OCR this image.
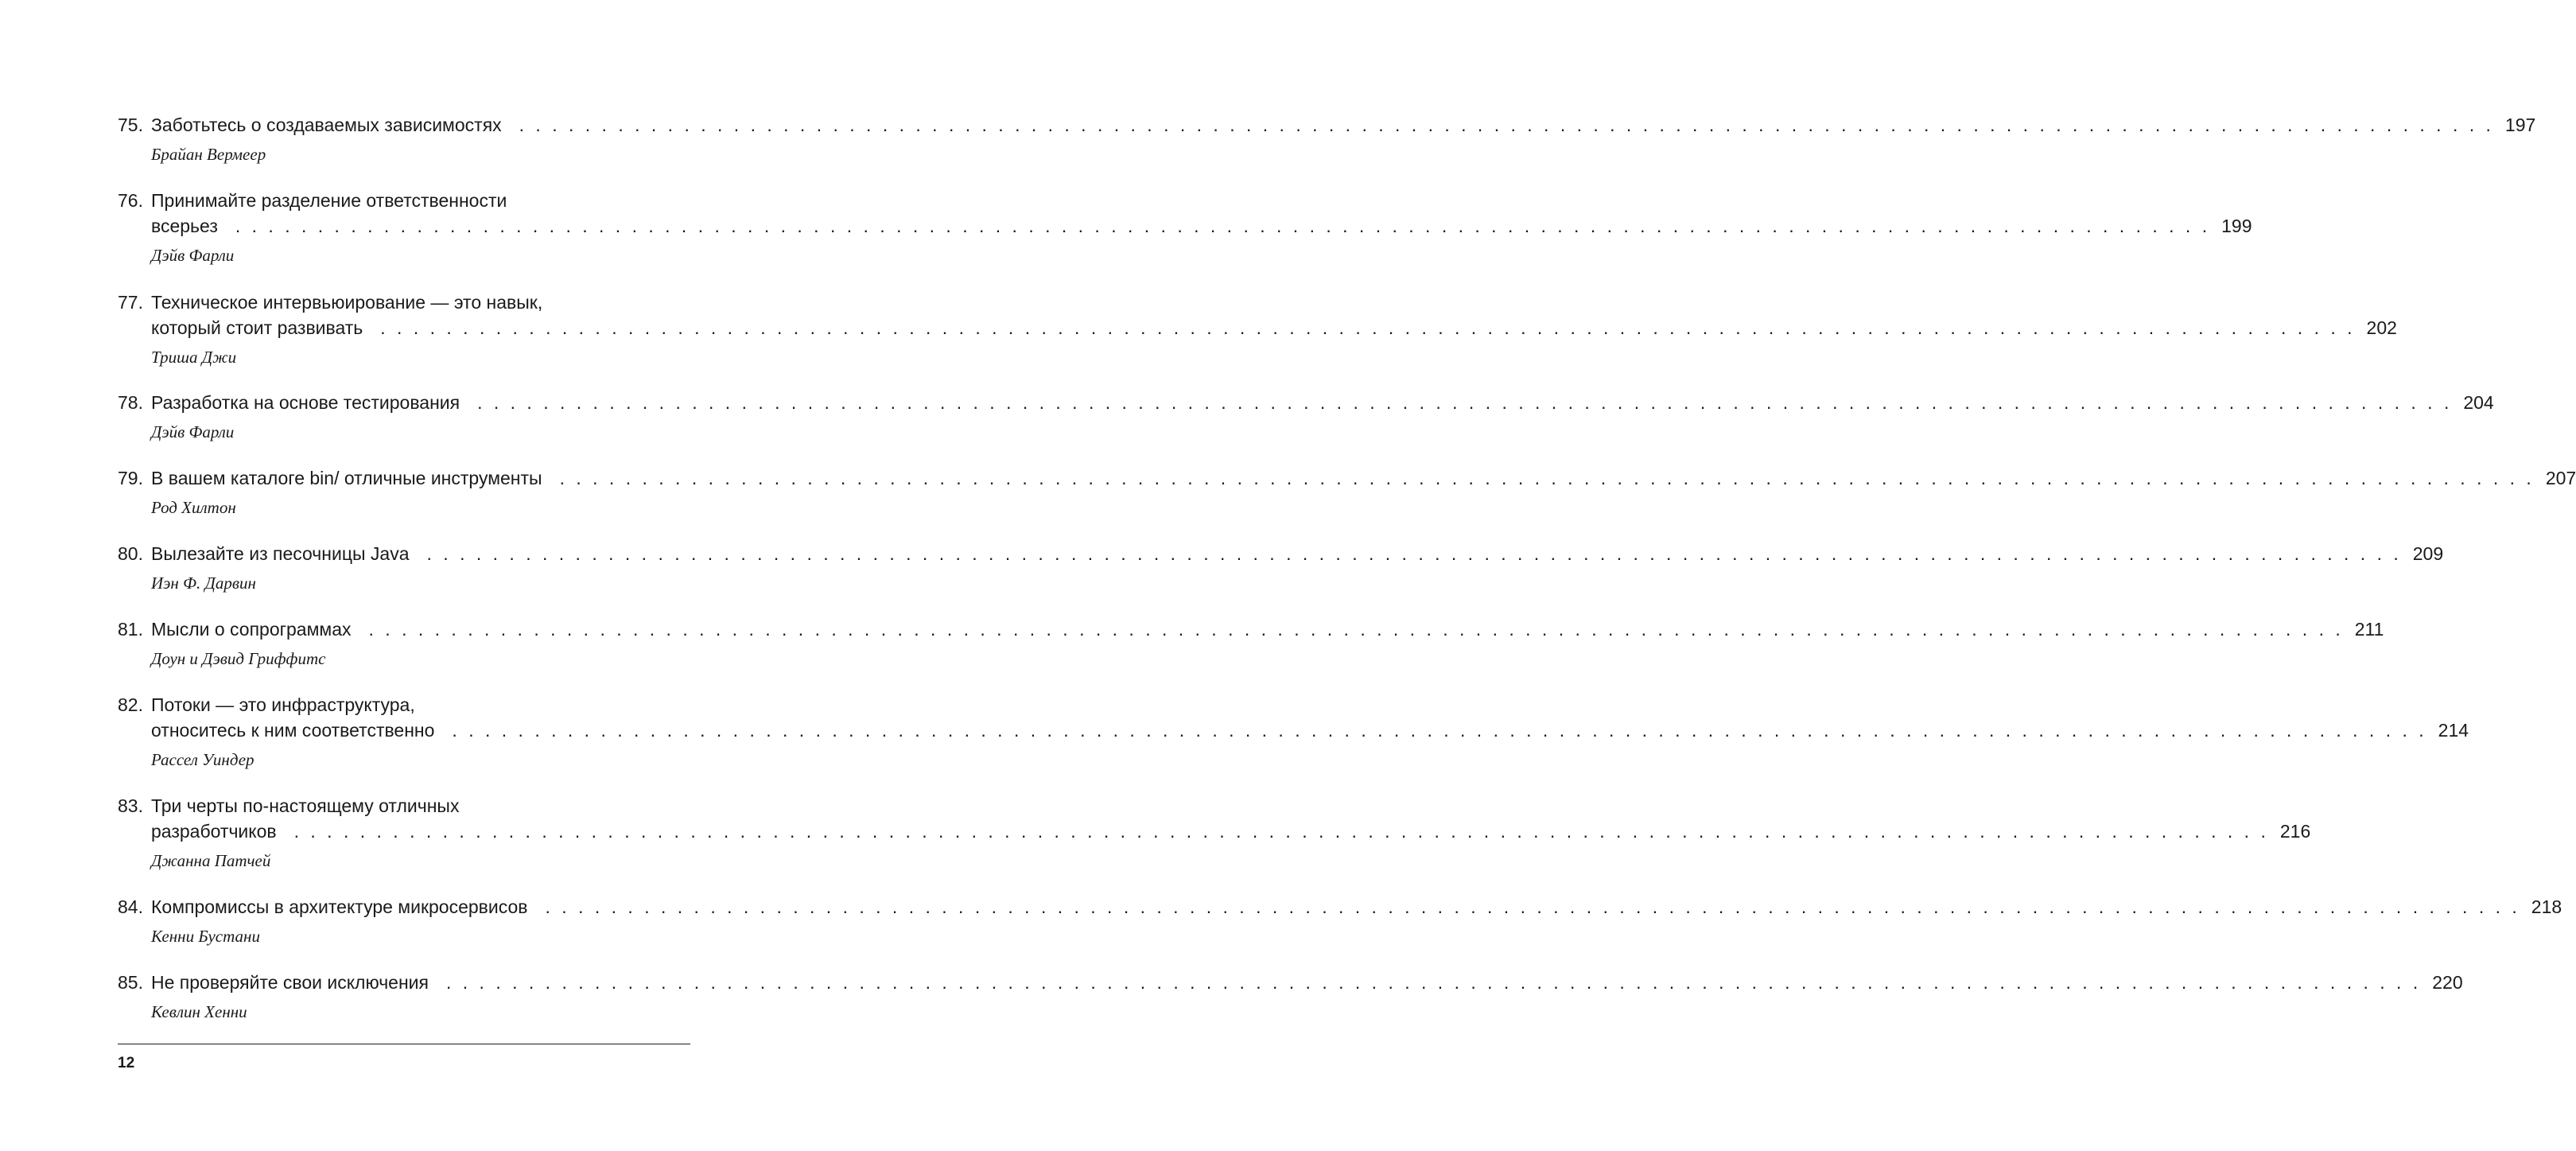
75. Заботьтесь о создаваемых зависимостях . . . . . . . . . . . . . . . . . . . . . . . . . . . . . . . . . . . . . . . . . . . . . . . . . . . . . . . . . . . . . . . . . . . . . . . . . . . . . . . . . . . . . . . . . . . . . . . . . . . . . . . . . . . . . . . . . . . . . . . . 197
Брайан Вермеер
76. Принимайте разделение ответственности
всерьез . . . . . . . . . . . . . . . . . . . . . . . . . . . . . . . . . . . . . . . . . . . . . . . . . . . . . . . . . . . . . . . . . . . . . . . . . . . . . . . . . . . . . . . . . . . . . . . . . . . . . . . . . . . . . . . . . . . . . . . . 199
Дэйв Фарли
77. Техническое интервьюирование — это навык,
который стоит развивать . . . . . . . . . . . . . . . . . . . . . . . . . . . . . . . . . . . . . . . . . . . . . . . . . . . . . . . . . . . . . . . . . . . . . . . . . . . . . . . . . . . . . . . . . . . . . . . . . . . . . . . . . . . . . . . . . . . . . . . . 202
Триша Джи
78. Разработка на основе тестирования . . . . . . . . . . . . . . . . . . . . . . . . . . . . . . . . . . . . . . . . . . . . . . . . . . . . . . . . . . . . . . . . . . . . . . . . . . . . . . . . . . . . . . . . . . . . . . . . . . . . . . . . . . . . . . . . . . . . . . . . 204
Дэйв Фарли
79. В вашем каталоге bin/ отличные инструменты . . . . . . . . . . . . . . . . . . . . . . . . . . . . . . . . . . . . . . . . . . . . . . . . . . . . . . . . . . . . . . . . . . . . . . . . . . . . . . . . . . . . . . . . . . . . . . . . . . . . . . . . . . . . . . . . . . . . . . . . 207
Род Хилтон
80. Вылезайте из песочницы Java . . . . . . . . . . . . . . . . . . . . . . . . . . . . . . . . . . . . . . . . . . . . . . . . . . . . . . . . . . . . . . . . . . . . . . . . . . . . . . . . . . . . . . . . . . . . . . . . . . . . . . . . . . . . . . . . . . . . . . . . 209
Иэн Ф. Дарвин
81. Мысли о сопрограммах . . . . . . . . . . . . . . . . . . . . . . . . . . . . . . . . . . . . . . . . . . . . . . . . . . . . . . . . . . . . . . . . . . . . . . . . . . . . . . . . . . . . . . . . . . . . . . . . . . . . . . . . . . . . . . . . . . . . . . . . 211
Доун и Дэвид Гриффитс
82. Потоки — это инфраструктура,
относитесь к ним соответственно . . . . . . . . . . . . . . . . . . . . . . . . . . . . . . . . . . . . . . . . . . . . . . . . . . . . . . . . . . . . . . . . . . . . . . . . . . . . . . . . . . . . . . . . . . . . . . . . . . . . . . . . . . . . . . . . . . . . . . . . 214
Рассел Уиндер
83. Три черты по-настоящему отличных
разработчиков . . . . . . . . . . . . . . . . . . . . . . . . . . . . . . . . . . . . . . . . . . . . . . . . . . . . . . . . . . . . . . . . . . . . . . . . . . . . . . . . . . . . . . . . . . . . . . . . . . . . . . . . . . . . . . . . . . . . . . . . 216
Джанна Патчей
84. Компромиссы в архитектуре микросервисов . . . . . . . . . . . . . . . . . . . . . . . . . . . . . . . . . . . . . . . . . . . . . . . . . . . . . . . . . . . . . . . . . . . . . . . . . . . . . . . . . . . . . . . . . . . . . . . . . . . . . . . . . . . . . . . . . . . . . . . . 218
Кенни Бустани
85. Не проверяйте свои исключения . . . . . . . . . . . . . . . . . . . . . . . . . . . . . . . . . . . . . . . . . . . . . . . . . . . . . . . . . . . . . . . . . . . . . . . . . . . . . . . . . . . . . . . . . . . . . . . . . . . . . . . . . . . . . . . . . . . . . . . . 220
Кевлин Хенни
12
